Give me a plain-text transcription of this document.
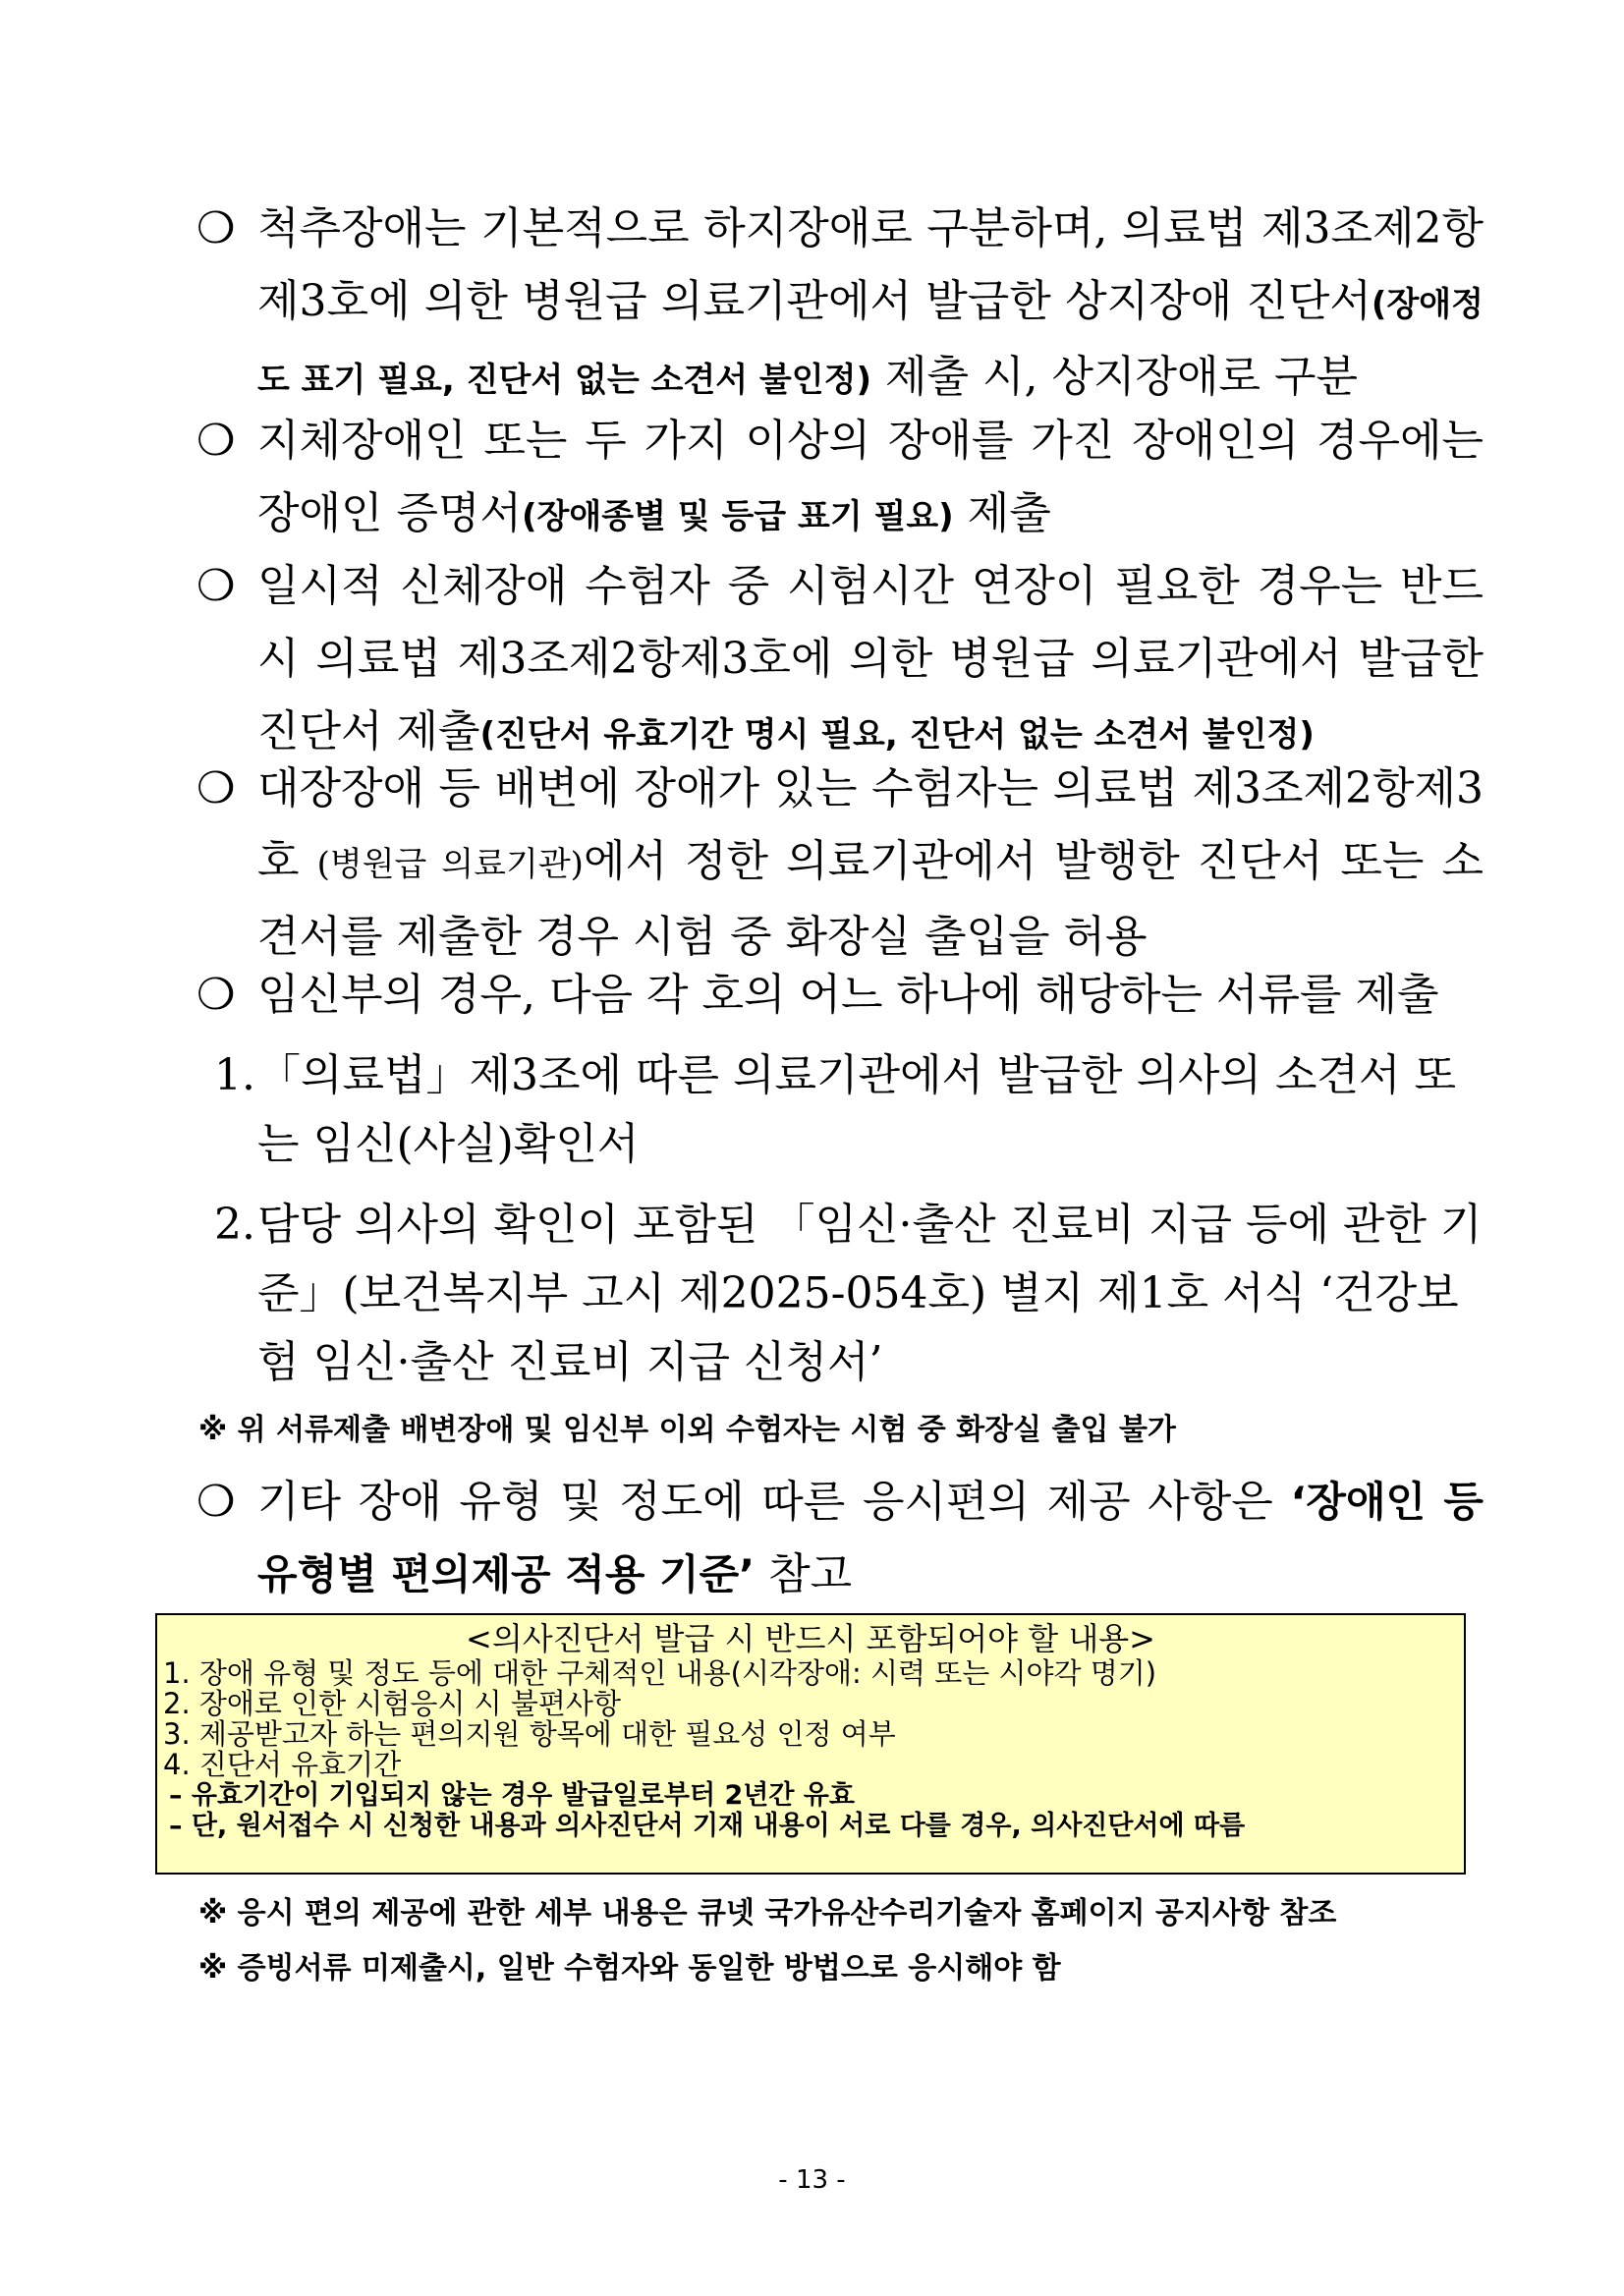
❍ 척추장애는 기본적으로 하지장애로 구분하며, 의료법 제3조제2항 제3호에 의한 병원급 의료기관에서 발급한 상지장애 진단서(장애정도 표기 필요, 진단서 없는 소견서 불인정) 제출 시, 상지장애로 구분
❍ 지체장애인 또는 두 가지 이상의 장애를 가진 장애인의 경우에는 장애인 증명서(장애종별 및 등급 표기 필요) 제출
❍ 일시적 신체장애 수험자 중 시험시간 연장이 필요한 경우는 반드시 의료법 제3조제2항제3호에 의한 병원급 의료기관에서 발급한 진단서 제출(진단서 유효기간 명시 필요, 진단서 없는 소견서 불인정)
❍ 대장장애 등 배변에 장애가 있는 수험자는 의료법 제3조제2항제3호 (병원급 의료기관)에서 정한 의료기관에서 발행한 진단서 또는 소견서를 제출한 경우 시험 중 화장실 출입을 허용
❍ 임신부의 경우, 다음 각 호의 어느 하나에 해당하는 서류를 제출
1. 「의료법」제3조에 따른 의료기관에서 발급한 의사의 소견서 또는 임신(사실)확인서
2. 담당 의사의 확인이 포함된 「임신·출산 진료비 지급 등에 관한 기준」(보건복지부 고시 제2025-054호) 별지 제1호 서식 ‘건강보험 임신·출산 진료비 지급 신청서’
※ 위 서류제출 배변장애 및 임신부 이외 수험자는 시험 중 화장실 출입 불가
❍ 기타 장애 유형 및 정도에 따른 응시편의 제공 사항은 ‘장애인 등 유형별 편의제공 적용 기준’ 참고
<의사진단서 발급 시 반드시 포함되어야 할 내용>
1. 장애 유형 및 정도 등에 대한 구체적인 내용(시각장애: 시력 또는 시야각 명기)
2. 장애로 인한 시험응시 시 불편사항
3. 제공받고자 하는 편의지원 항목에 대한 필요성 인정 여부
4. 진단서 유효기간
– 유효기간이 기입되지 않는 경우 발급일로부터 2년간 유효
– 단, 원서접수 시 신청한 내용과 의사진단서 기재 내용이 서로 다를 경우, 의사진단서에 따름
※ 응시 편의 제공에 관한 세부 내용은 큐넷 국가유산수리기술자 홈페이지 공지사항 참조
※ 증빙서류 미제출시, 일반 수험자와 동일한 방법으로 응시해야 함
- 13 -
